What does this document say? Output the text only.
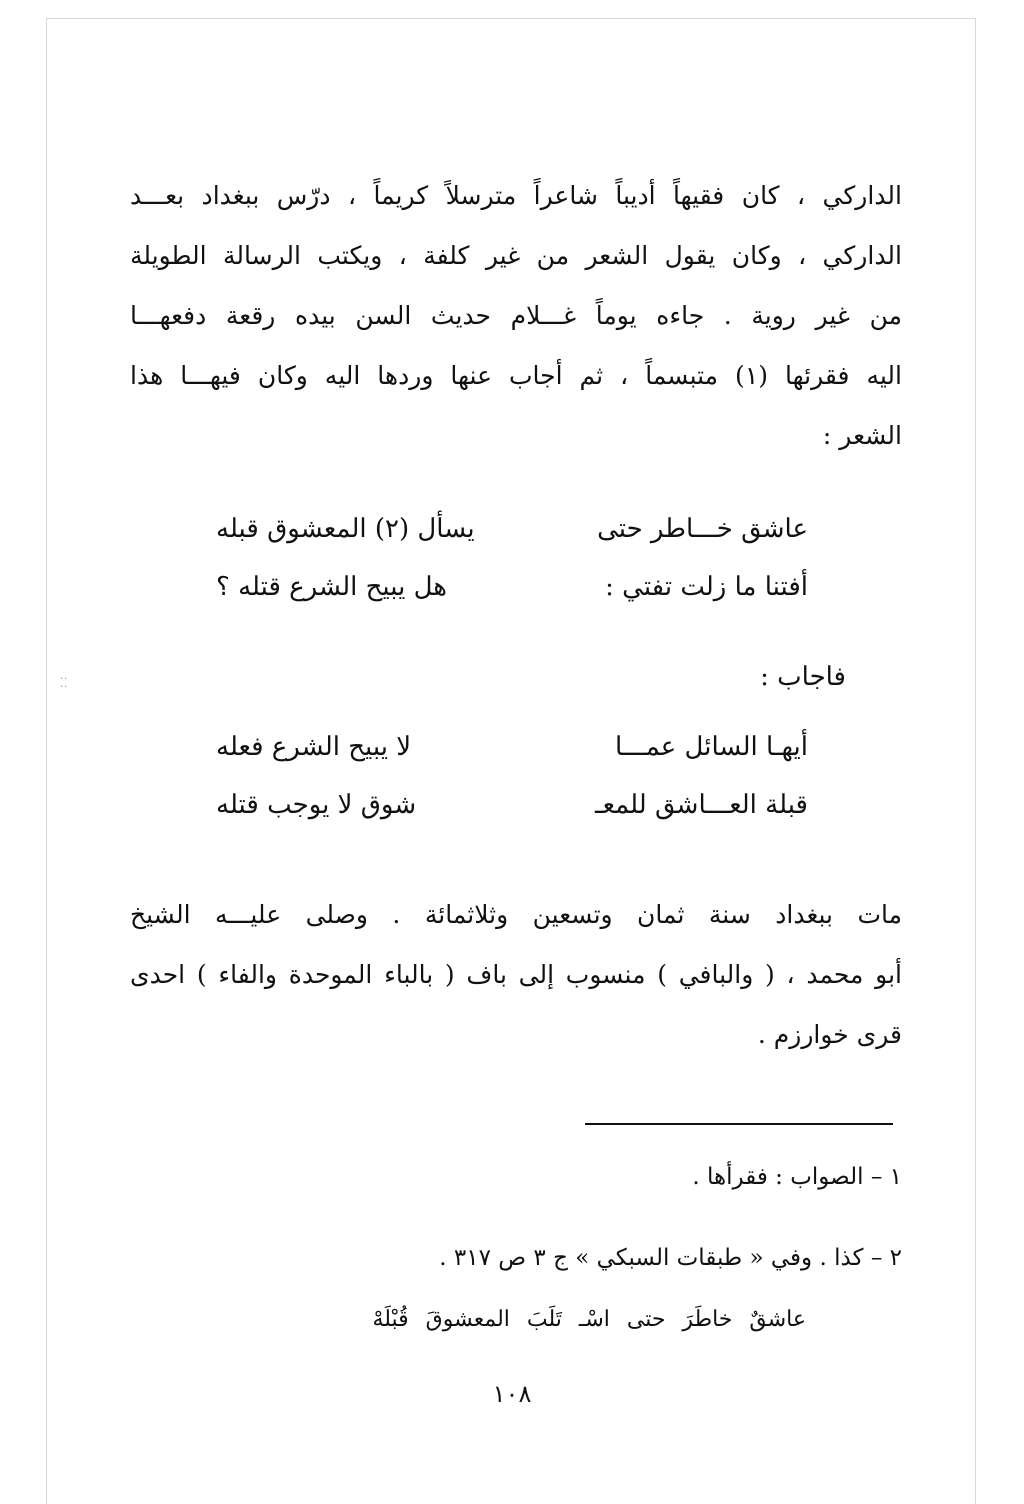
الداركي ، كان فقيهاً أديباً شاعراً مترسلاً كريماً ، درّس ببغداد بعـــد
الداركي ، وكان يقول الشعر من غير كلفة ، ويكتب الرسالة الطويلة
من غير روية . جاءه يوماً غـــلام حديث السن بيده رقعة دفعهـــا
اليه فقرئها (١) متبسماً ، ثم أجاب عنها وردها اليه وكان فيهـــا هذا
الشعر :
عاشق خـــاطر حتى
يسأل (٢) المعشوق قبله
أفتنا ما زلت تفتي :
هل يبيح الشرع قتله ؟
فاجاب :
··
··
أيهـا السائل عمـــا
لا يبيح الشرع فعله
قبلة العـــاشق للمعـ
شوق لا يوجب قتله
مات ببغداد سنة ثمان وتسعين وثلاثمائة . وصلى عليـــه الشيخ
أبو محمد ، ( والبافي ) منسوب إلى باف ( بالباء الموحدة والفاء ) احدى
قرى خوارزم .
١ – الصواب : فقرأها .
٢ – كذا . وفي « طبقات السبكي » ج ٣ ص ٣١٧ .
عاشقٌ خاطَرَ حتى اسْـ تَلَبَ المعشوقَ قُبْلَهْ
١٠٨
